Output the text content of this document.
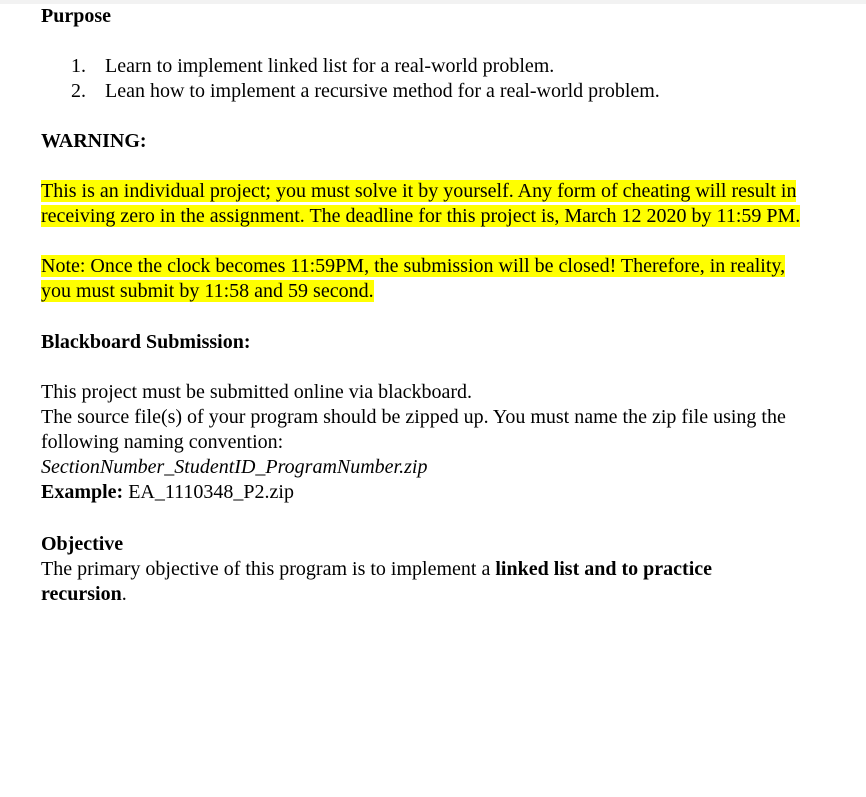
Purpose
1. Learn to implement linked list for a real-world problem.
2. Lean how to implement a recursive method for a real-world problem.
WARNING:
This is an individual project; you must solve it by yourself. Any form of cheating will result in
receiving zero in the assignment. The deadline for this project is, March 12 2020 by 11:59 PM.
Note: Once the clock becomes 11:59PM, the submission will be closed! Therefore, in reality,
you must submit by 11:58 and 59 second.
Blackboard Submission:
This project must be submitted online via blackboard.
The source file(s) of your program should be zipped up. You must name the zip file using the
following naming convention:
SectionNumber_StudentID_ProgramNumber.zip
Example: EA_1110348_P2.zip
Objective
The primary objective of this program is to implement a linked list and to practice
recursion.
